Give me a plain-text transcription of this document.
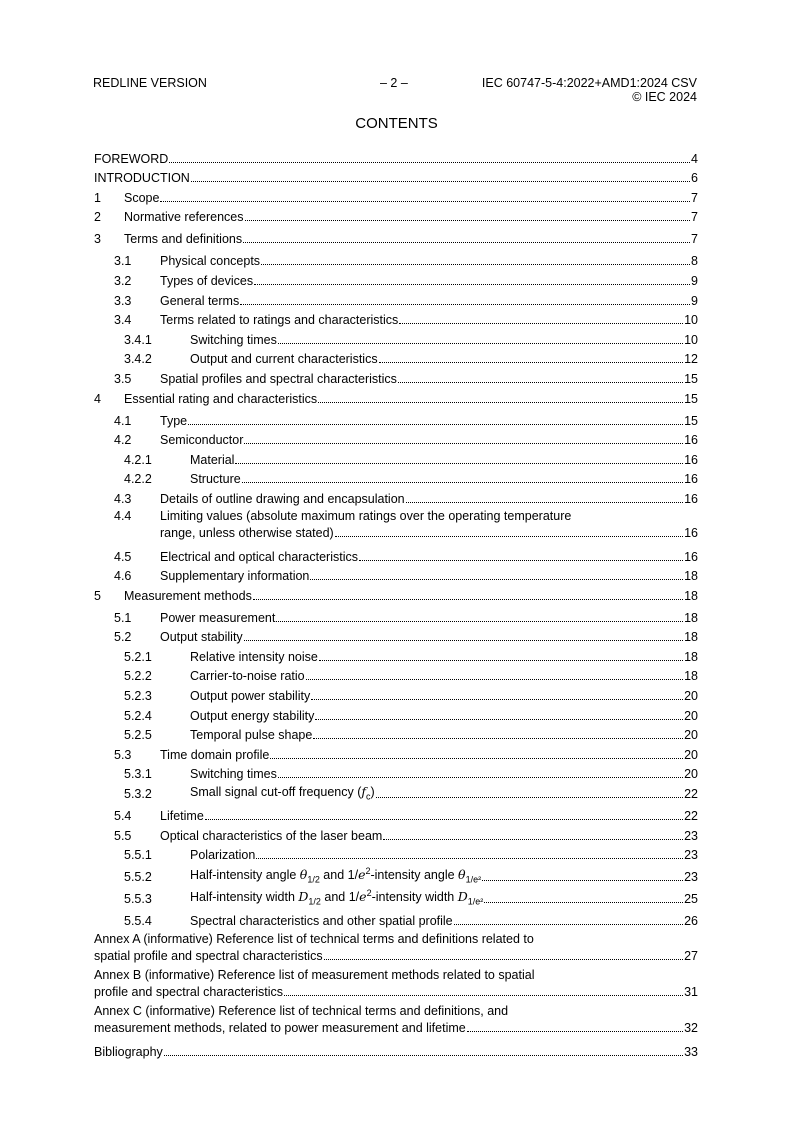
REDLINE VERSION	– 2 –	IEC 60747-5-4:2022+AMD1:2024 CSV
© IEC 2024
CONTENTS
FOREWORD	4
INTRODUCTION	6
1	Scope	7
2	Normative references	7
3	Terms and definitions	7
3.1	Physical concepts	8
3.2	Types of devices	9
3.3	General terms	9
3.4	Terms related to ratings and characteristics	10
3.4.1	Switching times	10
3.4.2	Output and current characteristics	12
3.5	Spatial profiles and spectral characteristics	15
4	Essential rating and characteristics	15
4.1	Type	15
4.2	Semiconductor	16
4.2.1	Material	16
4.2.2	Structure	16
4.3	Details of outline drawing and encapsulation	16
4.4	Limiting values (absolute maximum ratings over the operating temperature
range, unless otherwise stated)	16
4.5	Electrical and optical characteristics	16
4.6	Supplementary information	18
5	Measurement methods	18
5.1	Power measurement	18
5.2	Output stability	18
5.2.1	Relative intensity noise	18
5.2.2	Carrier-to-noise ratio	18
5.2.3	Output power stability	20
5.2.4	Output energy stability	20
5.2.5	Temporal pulse shape	20
5.3	Time domain profile	20
5.3.1	Switching times	20
5.3.2	Small signal cut-off frequency $(f_c)$	22
5.4	Lifetime	22
5.5	Optical characteristics of the laser beam	23
5.5.1	Polarization	23
5.5.2	Half-intensity angle $\theta_{1/2}$ and $1/e^2$-intensity angle $\theta_{1/e^2}$	23
5.5.3	Half-intensity width $D_{1/2}$ and $1/e^2$-intensity width $D_{1/e^2}$	25
5.5.4	Spectral characteristics and other spatial profile	26
Annex A (informative) Reference list of technical terms and definitions related to
spatial profile and spectral characteristics	27
Annex B (informative) Reference list of measurement methods related to spatial
profile and spectral characteristics	31
Annex C (informative) Reference list of technical terms and definitions, and
measurement methods, related to power measurement and lifetime	32
Bibliography	33
